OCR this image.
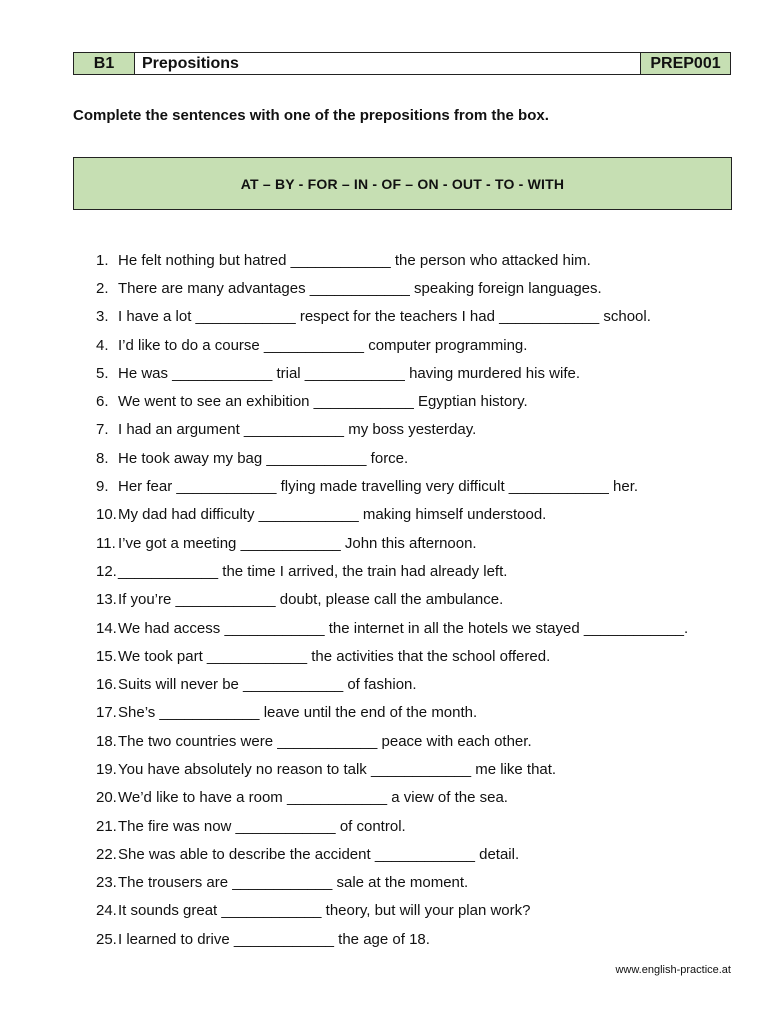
B1	Prepositions	PREP001
Complete the sentences with one of the prepositions from the box.
AT – BY - FOR – IN - OF – ON - OUT - TO - WITH
1. He felt nothing but hatred ____________ the person who attacked him.
2. There are many advantages ____________ speaking foreign languages.
3. I have a lot ____________ respect for the teachers I had ____________ school.
4. I’d like to do a course ____________ computer programming.
5. He was ____________ trial ____________ having murdered his wife.
6. We went to see an exhibition ____________ Egyptian history.
7. I had an argument ____________ my boss yesterday.
8. He took away my bag ____________ force.
9. Her fear ____________ flying made travelling very difficult ____________ her.
10. My dad had difficulty ____________ making himself understood.
11. I’ve got a meeting ____________ John this afternoon.
12. ____________ the time I arrived, the train had already left.
13. If you’re ____________ doubt, please call the ambulance.
14. We had access ____________ the internet in all the hotels we stayed ____________.
15. We took part ____________ the activities that the school offered.
16. Suits will never be ____________ of fashion.
17. She’s ____________ leave until the end of the month.
18. The two countries were ____________ peace with each other.
19. You have absolutely no reason to talk ____________ me like that.
20. We’d like to have a room ____________ a view of the sea.
21. The fire was now ____________ of control.
22. She was able to describe the accident ____________ detail.
23. The trousers are ____________ sale at the moment.
24. It sounds great ____________ theory, but will your plan work?
25. I learned to drive ____________ the age of 18.
www.english-practice.at
